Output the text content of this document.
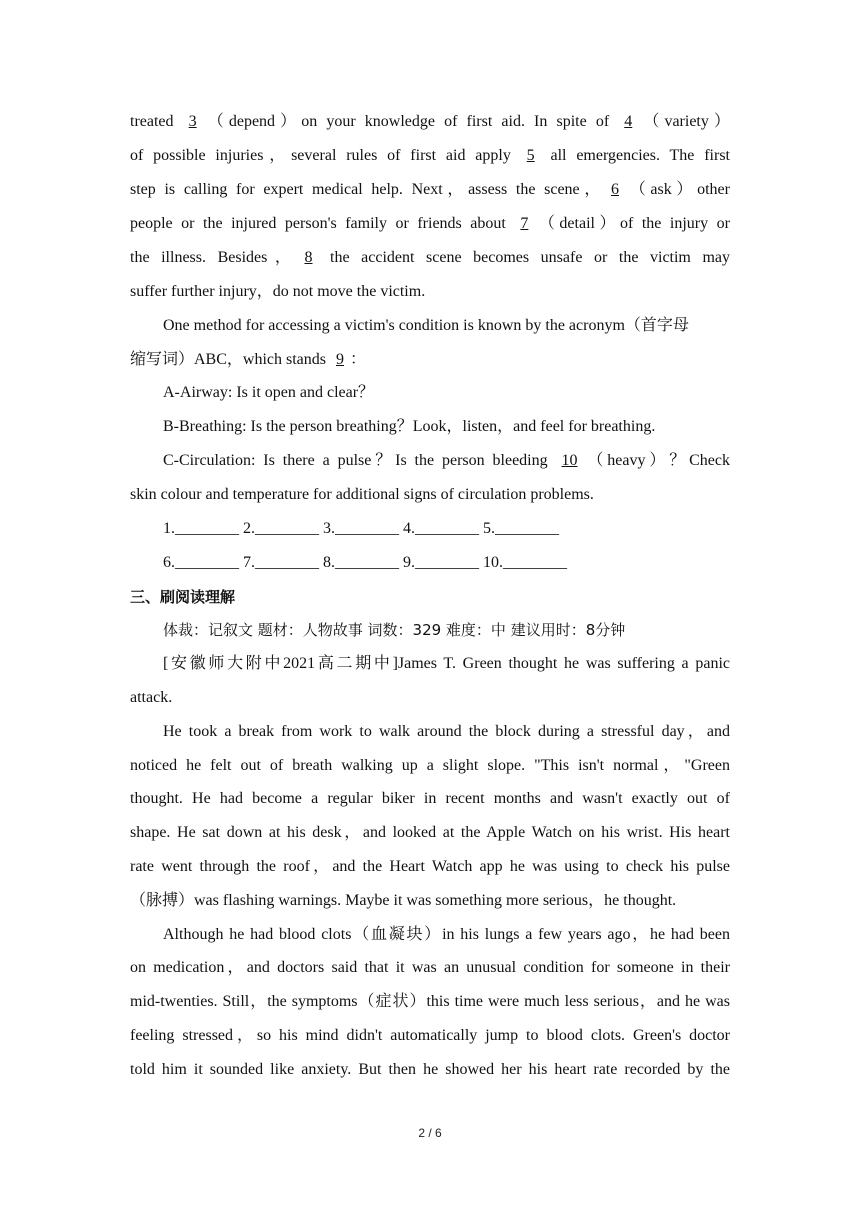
treated 3 （depend）on your knowledge of first aid. In spite of 4 （variety）
of possible injuries，several rules of first aid apply 5 all emergencies. The first
step is calling for expert medical help. Next，assess the scene， 6 （ask）other
people or the injured person's family or friends about 7 （detail）of the injury or
the illness. Besides， 8 the accident scene becomes unsafe or the victim may
suffer further injury，do not move the victim.
One method for accessing a victim's condition is known by the acronym（首字母
缩写词）ABC，which stands 9 ：
A-Airway: Is it open and clear？
B-Breathing: Is the person breathing？Look，listen，and feel for breathing.
C-Circulation: Is there a pulse？Is the person bleeding 10 （heavy）？Check
skin colour and temperature for additional signs of circulation problems.
1.________ 2.________ 3.________ 4.________ 5.________
6.________ 7.________ 8.________ 9.________ 10.________
三、刷阅读理解
体裁：记叙文 题材：人物故事 词数：329 难度：中 建议用时：8分钟
[安徽师大附中2021高二期中]James T. Green thought he was suffering a panic
attack.
He took a break from work to walk around the block during a stressful day，and
noticed he felt out of breath walking up a slight slope. "This isn't normal，"Green
thought. He had become a regular biker in recent months and wasn't exactly out of
shape. He sat down at his desk，and looked at the Apple Watch on his wrist. His heart
rate went through the roof，and the Heart Watch app he was using to check his pulse
（脉搏）was flashing warnings. Maybe it was something more serious，he thought.
Although he had blood clots（血凝块）in his lungs a few years ago，he had been
on medication，and doctors said that it was an unusual condition for someone in their
mid-twenties. Still，the symptoms（症状）this time were much less serious，and he was
feeling stressed，so his mind didn't automatically jump to blood clots. Green's doctor
told him it sounded like anxiety. But then he showed her his heart rate recorded by the
2 / 6
